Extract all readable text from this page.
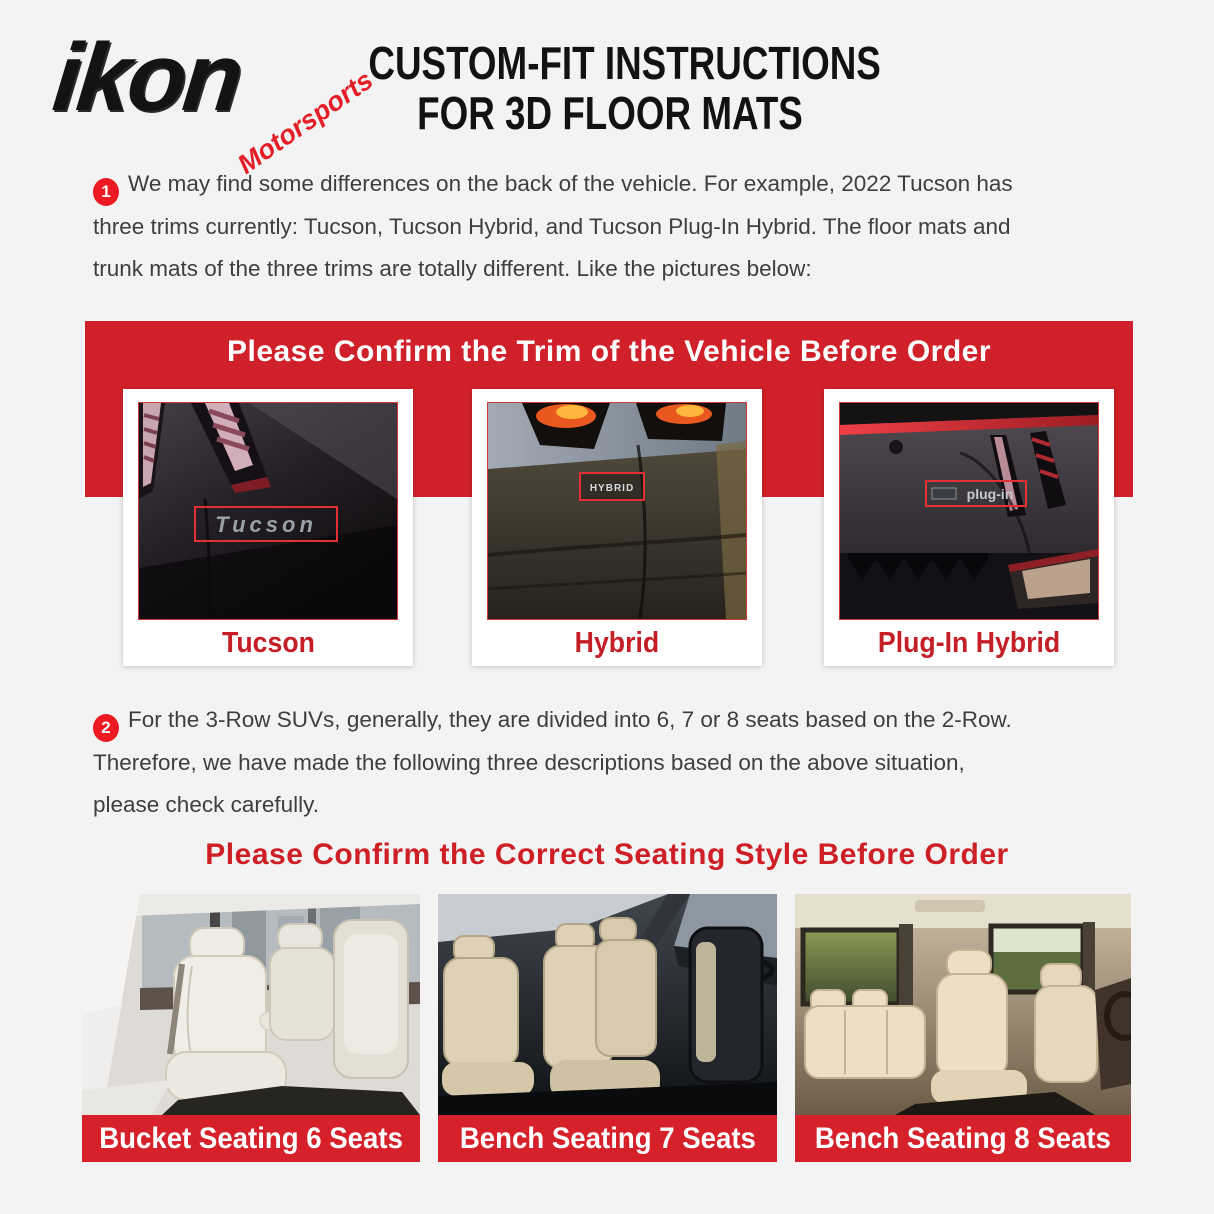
ikon
Motorsports
CUSTOM-FIT INSTRUCTIONS
FOR 3D FLOOR MATS
1 We may find some differences on the back of the vehicle. For example, 2022 Tucson has
three trims currently: Tucson, Tucson Hybrid, and Tucson Plug-In Hybrid. The floor mats and
trunk mats of the three trims are totally different. Like the pictures below:
Please Confirm the Trim of the Vehicle Before Order
Tucson
Tucson
HYBRID
Hybrid
plug-in
Plug-In Hybrid
2 For the 3-Row SUVs, generally, they are divided into 6, 7 or 8 seats based on the 2-Row.
Therefore, we have made the following three descriptions based on the above situation,
please check carefully.
Please Confirm the Correct Seating Style Before Order
Bucket Seating 6 Seats Bench Seating 7 Seats Bench Seating 8 Seats
